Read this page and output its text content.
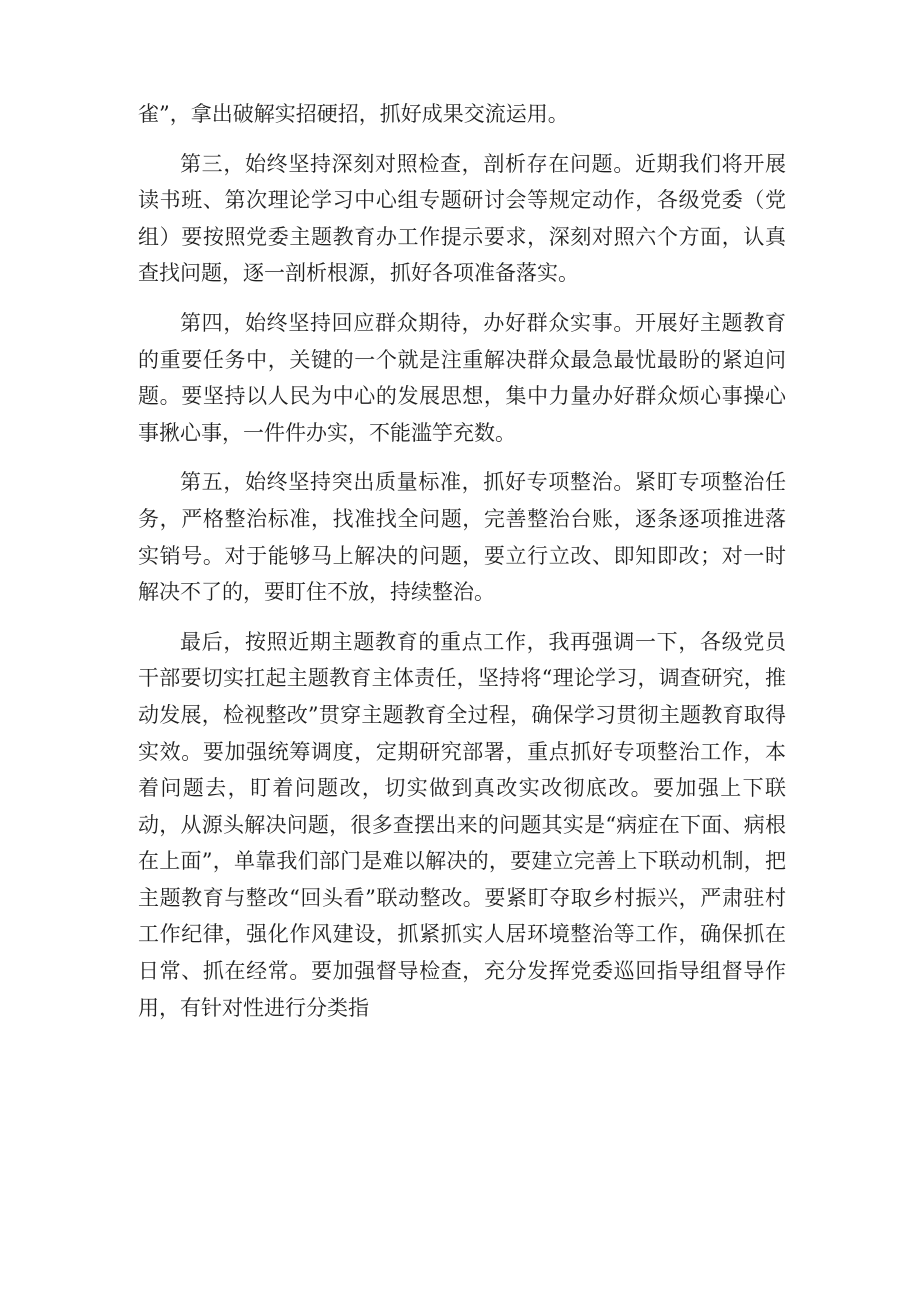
雀”，拿出破解实招硬招，抓好成果交流运用。

第三，始终坚持深刻对照检查，剖析存在问题。近期我们将开展读书班、第次理论学习中心组专题研讨会等规定动作，各级党委（党组）要按照党委主题教育办工作提示要求，深刻对照六个方面，认真查找问题，逐一剖析根源，抓好各项准备落实。

第四，始终坚持回应群众期待，办好群众实事。开展好主题教育的重要任务中，关键的一个就是注重解决群众最急最忧最盼的紧迫问题。要坚持以人民为中心的发展思想，集中力量办好群众烦心事操心事揪心事，一件件办实，不能滥竽充数。

第五，始终坚持突出质量标准，抓好专项整治。紧盯专项整治任务，严格整治标准，找准找全问题，完善整治台账，逐条逐项推进落实销号。对于能够马上解决的问题，要立行立改、即知即改；对一时解决不了的，要盯住不放，持续整治。

最后，按照近期主题教育的重点工作，我再强调一下，各级党员干部要切实扛起主题教育主体责任，坚持将“理论学习，调查研究，推动发展，检视整改”贯穿主题教育全过程，确保学习贯彻主题教育取得实效。要加强统筹调度，定期研究部署，重点抓好专项整治工作，本着问题去，盯着问题改，切实做到真改实改彻底改。要加强上下联动，从源头解决问题，很多查摆出来的问题其实是“病症在下面、病根在上面”，单靠我们部门是难以解决的，要建立完善上下联动机制，把主题教育与整改“回头看”联动整改。要紧盯夺取乡村振兴，严肃驻村工作纪律，强化作风建设，抓紧抓实人居环境整治等工作，确保抓在日常、抓在经常。要加强督导检查，充分发挥党委巡回指导组督导作用，有针对性进行分类指
